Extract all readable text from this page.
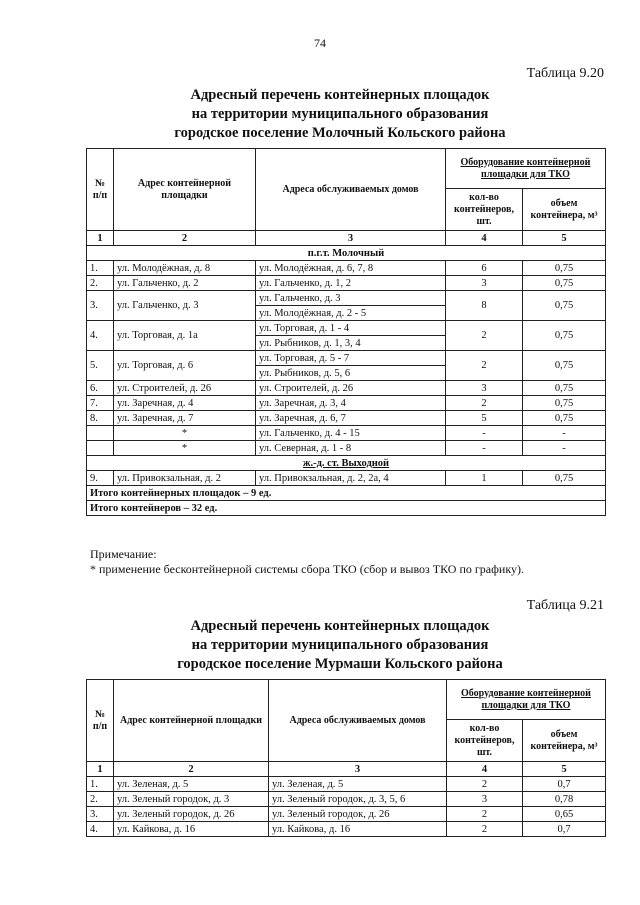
74
Таблица 9.20
Адресный перечень контейнерных площадок
на территории муниципального образования
городское поселение Молочный Кольского района
№ п/п	Адрес контейнерной площадки	Адреса обслуживаемых домов	Оборудование контейнерной площадки для ТКО	
			кол-во контейнеров, шт.	объем контейнера, м³
1	2	3	4	5
п.г.т. Молочный				
1.	ул. Молодёжная, д. 8	ул. Молодёжная, д. 6, 7, 8	6	0,75
2.	ул. Гальченко, д. 2	ул. Гальченко, д. 1, 2	3	0,75
3.	ул. Гальченко, д. 3	ул. Гальченко, д. 3	8	0,75
		ул. Молодёжная, д. 2 - 5		
4.	ул. Торговая, д. 1а	ул. Торговая, д. 1 - 4	2	0,75
		ул. Рыбников, д. 1, 3, 4		
5.	ул. Торговая, д. 6	ул. Торговая, д. 5 - 7	2	0,75
		ул. Рыбников, д. 5, 6		
6.	ул. Строителей, д. 26	ул. Строителей, д. 26	3	0,75
7.	ул. Заречная, д. 4	ул. Заречная, д. 3, 4	2	0,75
8.	ул. Заречная, д. 7	ул. Заречная, д. 6, 7	5	0,75
	*	ул. Гальченко, д. 4 - 15	-	-
	*	ул. Северная, д. 1 - 8	-	-
ж.-д. ст. Выходной				
9.	ул. Привокзальная, д. 2	ул. Привокзальная, д. 2, 2а, 4	1	0,75
Итого контейнерных площадок – 9 ед.				
Итого контейнеров – 32 ед.				
Примечание:
* применение бесконтейнерной системы сбора ТКО (сбор и вывоз ТКО по графику).
Таблица 9.21
Адресный перечень контейнерных площадок
на территории муниципального образования
городское поселение Мурмаши Кольского района
№ п/п	Адрес контейнерной площадки	Адреса обслуживаемых домов	Оборудование контейнерной площадки для ТКО	
			кол-во контейнеров, шт.	объем контейнера, м³
1	2	3	4	5
1.	ул. Зеленая, д. 5	ул. Зеленая, д. 5	2	0,7
2.	ул. Зеленый городок, д. 3	ул. Зеленый городок, д. 3, 5, 6	3	0,78
3.	ул. Зеленый городок, д. 26	ул. Зеленый городок, д. 26	2	0,65
4.	ул. Кайкова, д. 16	ул. Кайкова, д. 16	2	0,7
